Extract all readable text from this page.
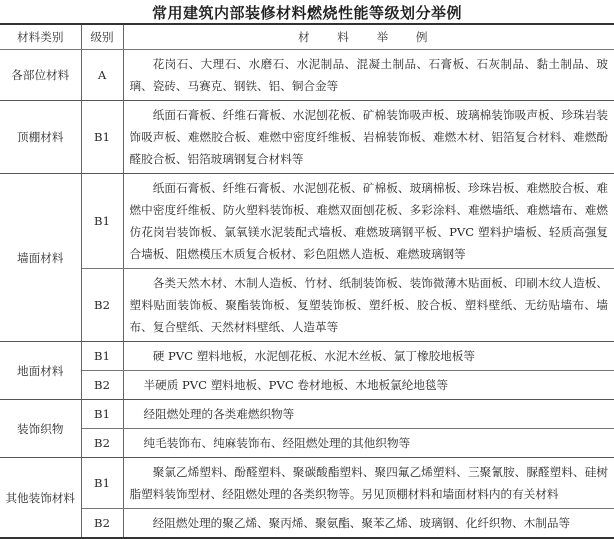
常用建筑内部装修材料燃烧性能等级划分举例
材料类别	级别	材 料 举 例
各部位材料	A	花岗石、大理石、水磨石、水泥制品、混凝土制品、石膏板、石灰制品、黏土制品、玻璃、瓷砖、马赛克、钢铁、铝、铜合金等
顶棚材料	B1	纸面石膏板、纤维石膏板、水泥刨花板、矿棉装饰吸声板、玻璃棉装饰吸声板、珍珠岩装饰吸声板、难燃胶合板、难燃中密度纤维板、岩棉装饰板、难燃木材、铝箔复合材料、难燃酚醛胶合板、铝箔玻璃钢复合材料等
墙面材料	B1	纸面石膏板、纤维石膏板、水泥刨花板、矿棉板、玻璃棉板、珍珠岩板、难燃胶合板、难燃中密度纤维板、防火塑料装饰板、难燃双面刨花板、多彩涂料、难燃墙纸、难燃墙布、难燃仿花岗岩装饰板、氯氧镁水泥装配式墙板、难燃玻璃钢平板、PVC 塑料护墙板、轻质高强复合墙板、阻燃模压木质复合板材、彩色阻燃人造板、难燃玻璃钢等
	B2	各类天然木材、木制人造板、竹材、纸制装饰板、装饰微薄木贴面板、印刷木纹人造板、塑料贴面装饰板、聚酯装饰板、复塑装饰板、塑纤板、胶合板、塑料壁纸、无纺贴墙布、墙布、复合壁纸、天然材料壁纸、人造革等
地面材料	B1	硬 PVC 塑料地板，水泥刨花板、水泥木丝板、氯丁橡胶地板等
	B2	半硬质 PVC 塑料地板、PVC 卷材地板、木地板氯纶地毯等
装饰织物	B1	经阻燃处理的各类难燃织物等
	B2	纯毛装饰布、纯麻装饰布、经阻燃处理的其他织物等
其他装饰材料	B1	聚氯乙烯塑料、酚醛塑料、聚碳酸酯塑料、聚四氟乙烯塑料、三聚氰胺、脲醛塑料、硅树脂塑料装饰型材、经阻燃处理的各类织物等。另见顶棚材料和墙面材料内的有关材料
	B2	经阻燃处理的聚乙烯、聚丙烯、聚氨酯、聚苯乙烯、玻璃钢、化纤织物、木制品等
